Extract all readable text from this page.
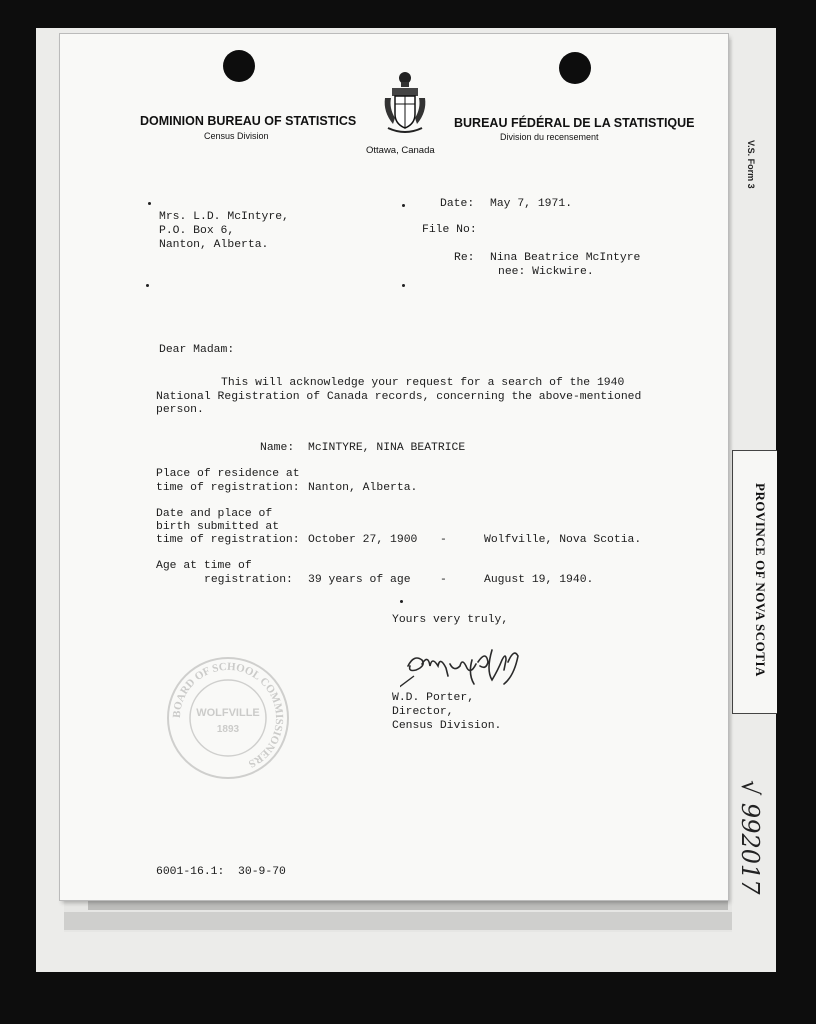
PROVINCE OF NOVA SCOTIA
V.S. Form 3
√ 992017
DOMINION BUREAU OF STATISTICS
Census Division
Ottawa, Canada
BUREAU FÉDÉRAL DE LA STATISTIQUE
Division du recensement
Date: May 7, 1971.
File No:
Re: Nina Beatrice McIntyre
nee: Wickwire.
Mrs. L.D. McIntyre,
P.O. Box 6,
Nanton, Alberta.
Dear Madam:
This will acknowledge your request for a search of the 1940
National Registration of Canada records, concerning the above-mentioned
person.
Name: McINTYRE, NINA BEATRICE
Place of residence at
time of registration: Nanton, Alberta.
Date and place of
birth submitted at
time of registration: October 27, 1900 -	Wolfville, Nova Scotia.
Age at time of
registration: 39 years of age	-	August 19, 1940.
Yours very truly,
W.D. Porter,
Director,
Census Division.
6001-16.1:  30-9-70
BOARD OF SCHOOL COMMISSIONERS
WOLFVILLE
1893
